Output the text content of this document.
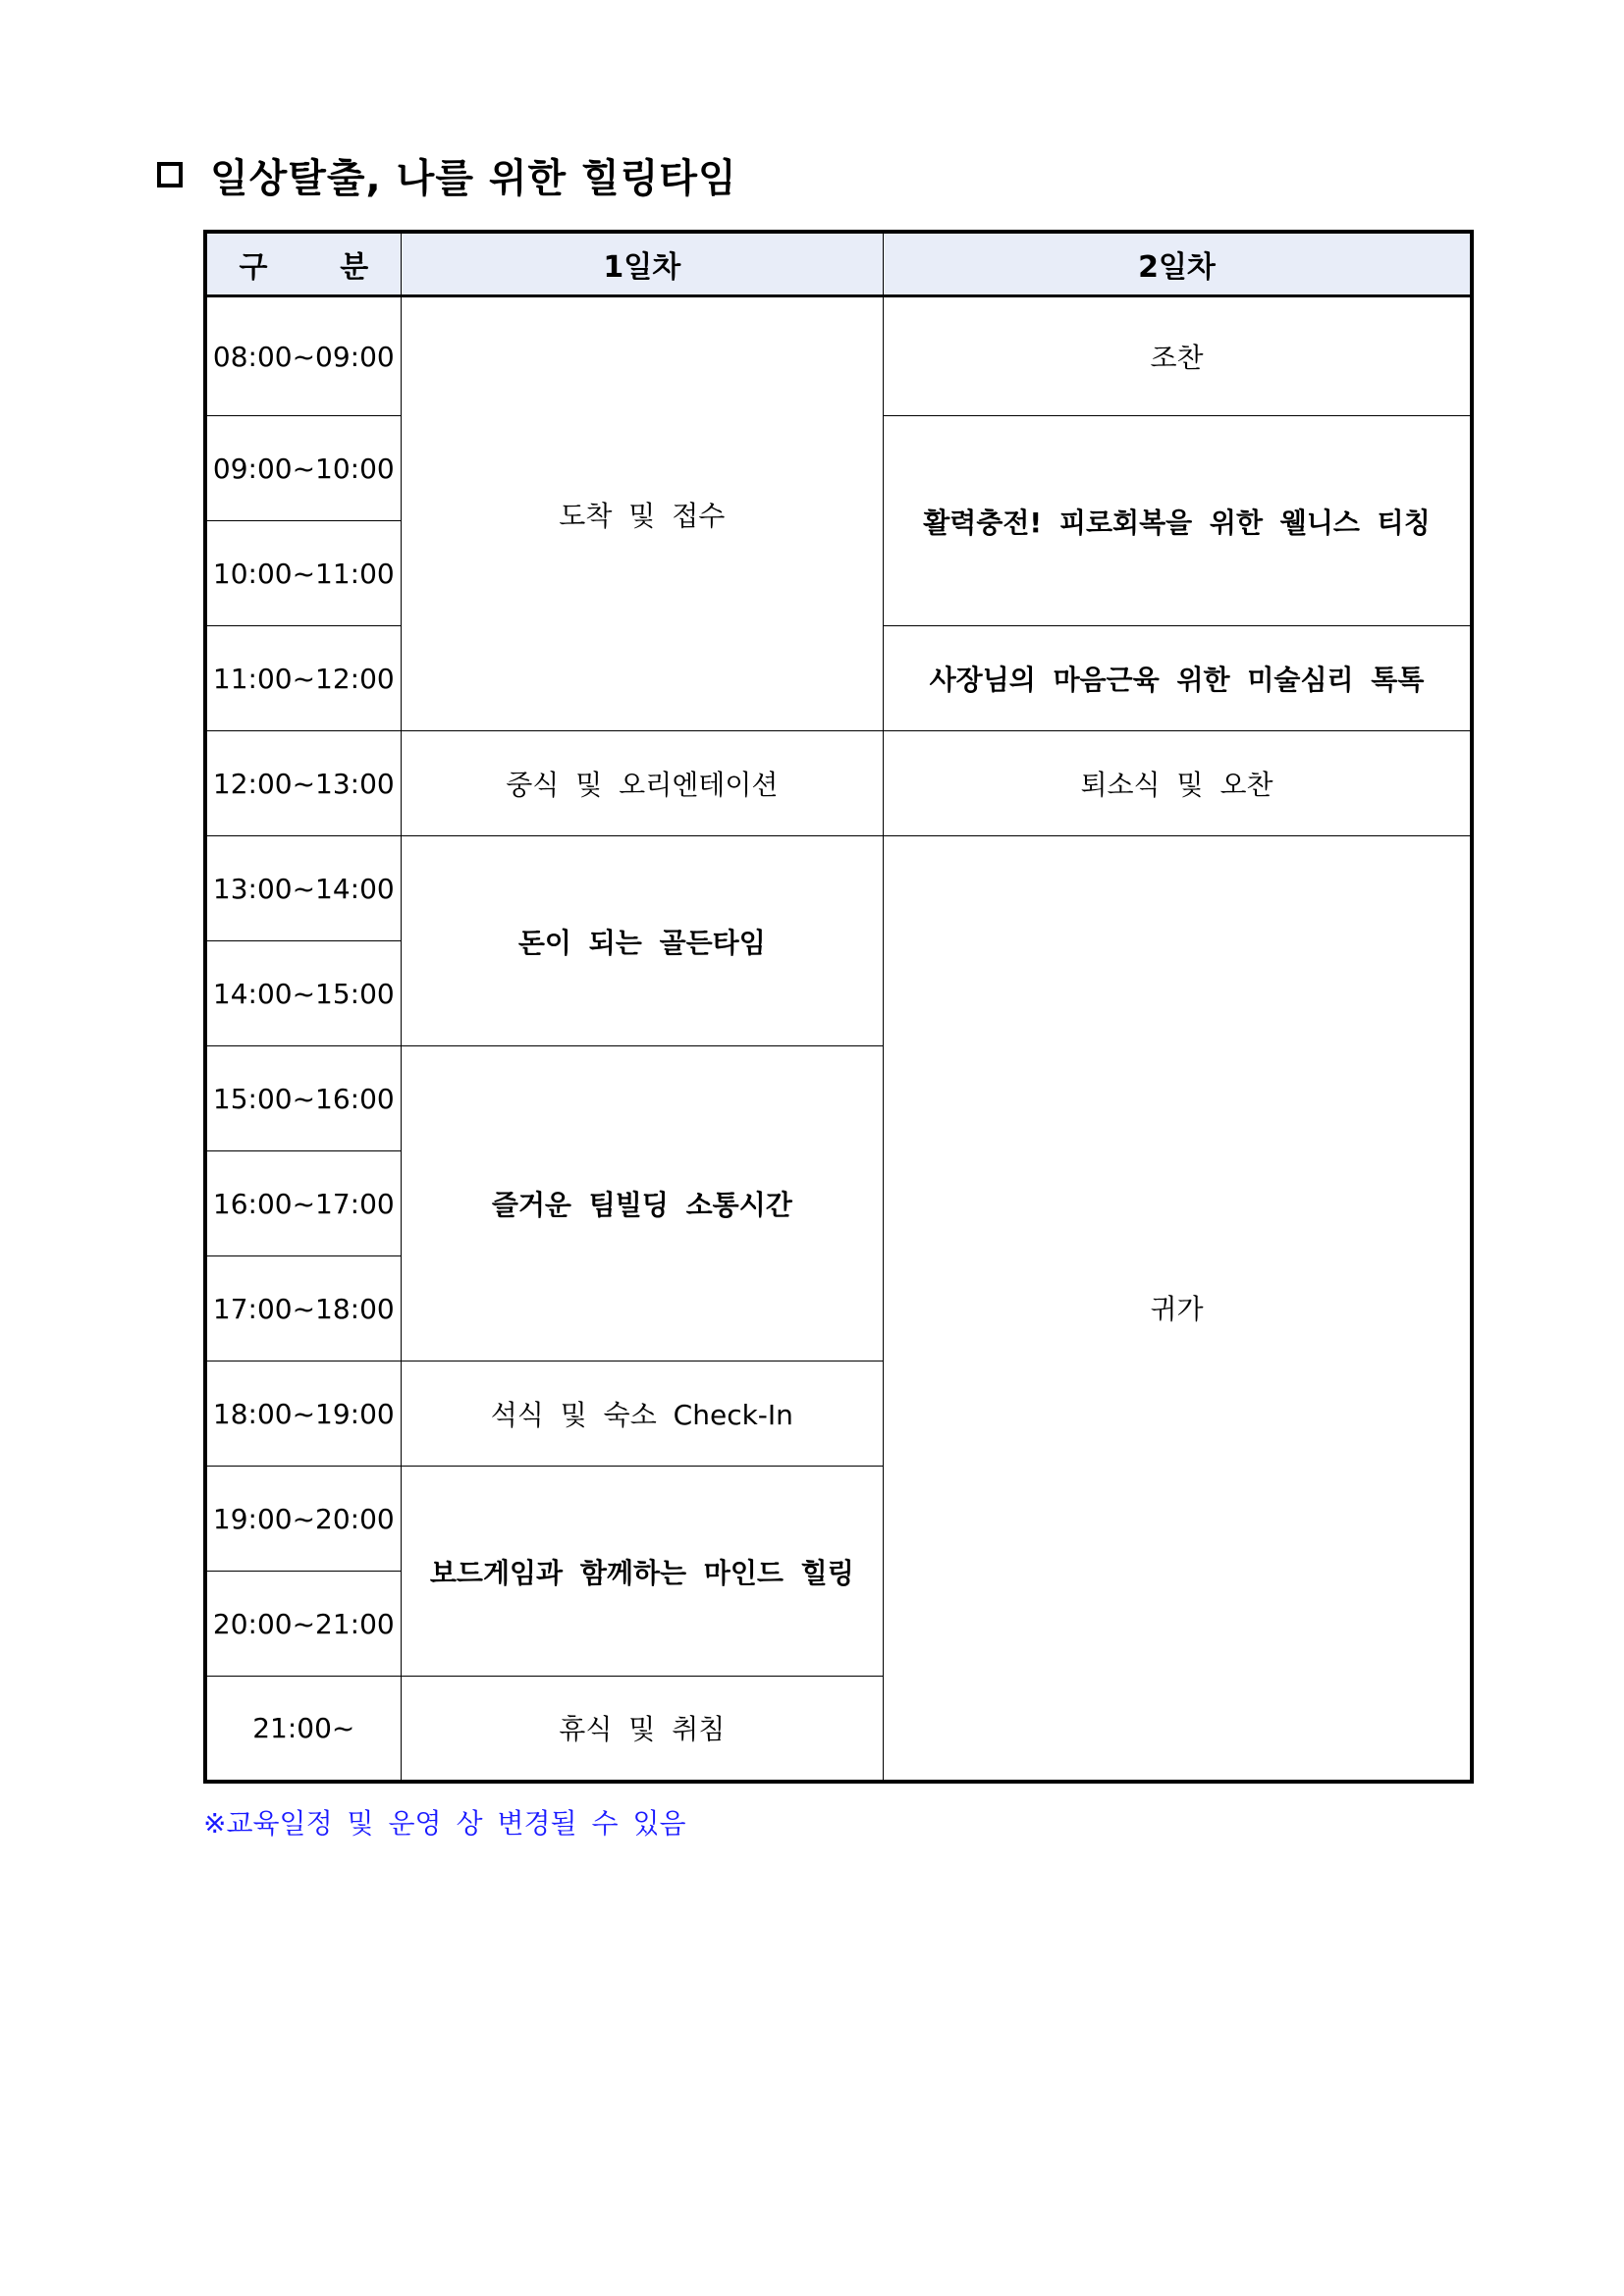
일상탈출, 나를 위한 힐링타임
구    분	1일차	2일차
08:00~09:00	도착 및 접수	조찬
09:00~10:00		활력충전! 피로회복을 위한 웰니스 티칭
10:00~11:00		
11:00~12:00		사장님의 마음근육 위한 미술심리 톡톡
12:00~13:00	중식 및 오리엔테이션	퇴소식 및 오찬
13:00~14:00	돈이 되는 골든타임	귀가
14:00~15:00		
15:00~16:00	즐거운 팀빌딩 소통시간	
16:00~17:00		
17:00~18:00		
18:00~19:00	석식 및 숙소 Check-In	
19:00~20:00	보드게임과 함께하는 마인드 힐링	
20:00~21:00		
21:00~	휴식 및 취침	
※교육일정 및 운영 상 변경될 수 있음
